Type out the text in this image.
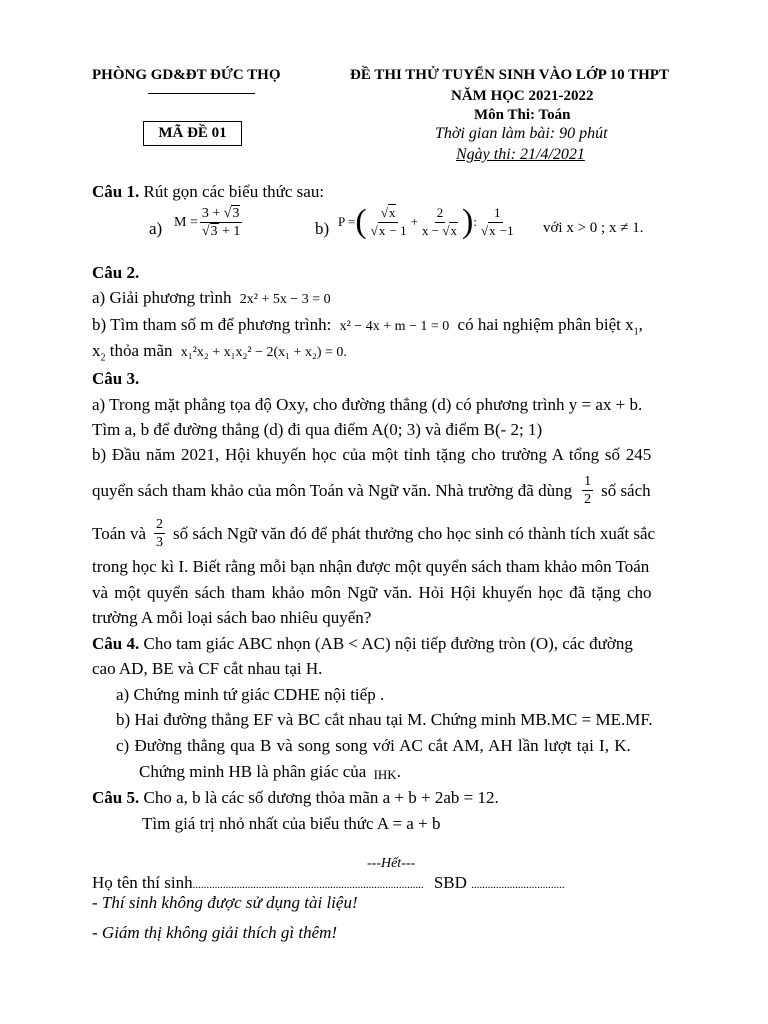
PHÒNG GD&ĐT ĐỨC THỌ
MÃ ĐỀ 01
ĐỀ THI THỬ TUYỂN SINH VÀO LỚP 10 THPT
NĂM HỌC 2021-2022
Môn Thi: Toán
Thời gian làm bài: 90 phút
Ngày thi: 21/4/2021
Câu 1. Rút gọn các biểu thức sau:
a) $M = \frac{3 + √3}{√3 + 1}$	b) P = ( $\frac{√x}{√x - 1} + \frac{2}{x - √x}$ ) : $\frac{1}{√x -1}$ với x > 0 ; x ≠ 1.
Câu 2.
a) Giải phương trình 2x² + 5x − 3 = 0
b) Tìm tham số m để phương trình: x² − 4x + m − 1 = 0 có hai nghiệm phân biệt $x_1$,
$x_2$ thỏa mãn x₁²x₂ + x₁x₂² − 2(x₁ + x₂) = 0.
Câu 3.
a) Trong mặt phẳng tọa độ Oxy, cho đường thẳng (d) có phương trình y = ax + b.
Tìm a, b để đường thẳng (d) đi qua điểm A(0; 3) và điểm B(- 2; 1)
b) Đầu năm 2021, Hội khuyến học của một tỉnh tặng cho trường A tổng số 245
quyển sách tham khảo của môn Toán và Ngữ văn. Nhà trường đã dùng $\frac{1}{2}$ số sách
Toán và $\frac{2}{3}$ số sách Ngữ văn đó để phát thưởng cho học sinh có thành tích xuất sắc
trong học kì I. Biết rằng mỗi bạn nhận được một quyển sách tham khảo môn Toán
và một quyển sách tham khảo môn Ngữ văn. Hỏi Hội khuyến học đã tặng cho
trường A mỗi loại sách bao nhiêu quyển?
Câu 4. Cho tam giác ABC nhọn (AB < AC) nội tiếp đường tròn (O), các đường
cao AD, BE và CF cắt nhau tại H.
a) Chứng minh tứ giác CDHE nội tiếp .
b) Hai đường thẳng EF và BC cắt nhau tại M. Chứng minh MB.MC = ME.MF.
c) Đường thẳng qua B và song song với AC cắt AM, AH lần lượt tại I, K.
Chứng minh HB là phân giác của IHK.
Câu 5. Cho a, b là các số dương thỏa mãn a + b + 2ab = 12.
Tìm giá trị nhỏ nhất của biểu thức A = a + b
---Hết---
Họ tên thí sinh.................................................................................... SBD ..................................
- Thí sinh không được sử dụng tài liệu!
- Giám thị không giải thích gì thêm!
